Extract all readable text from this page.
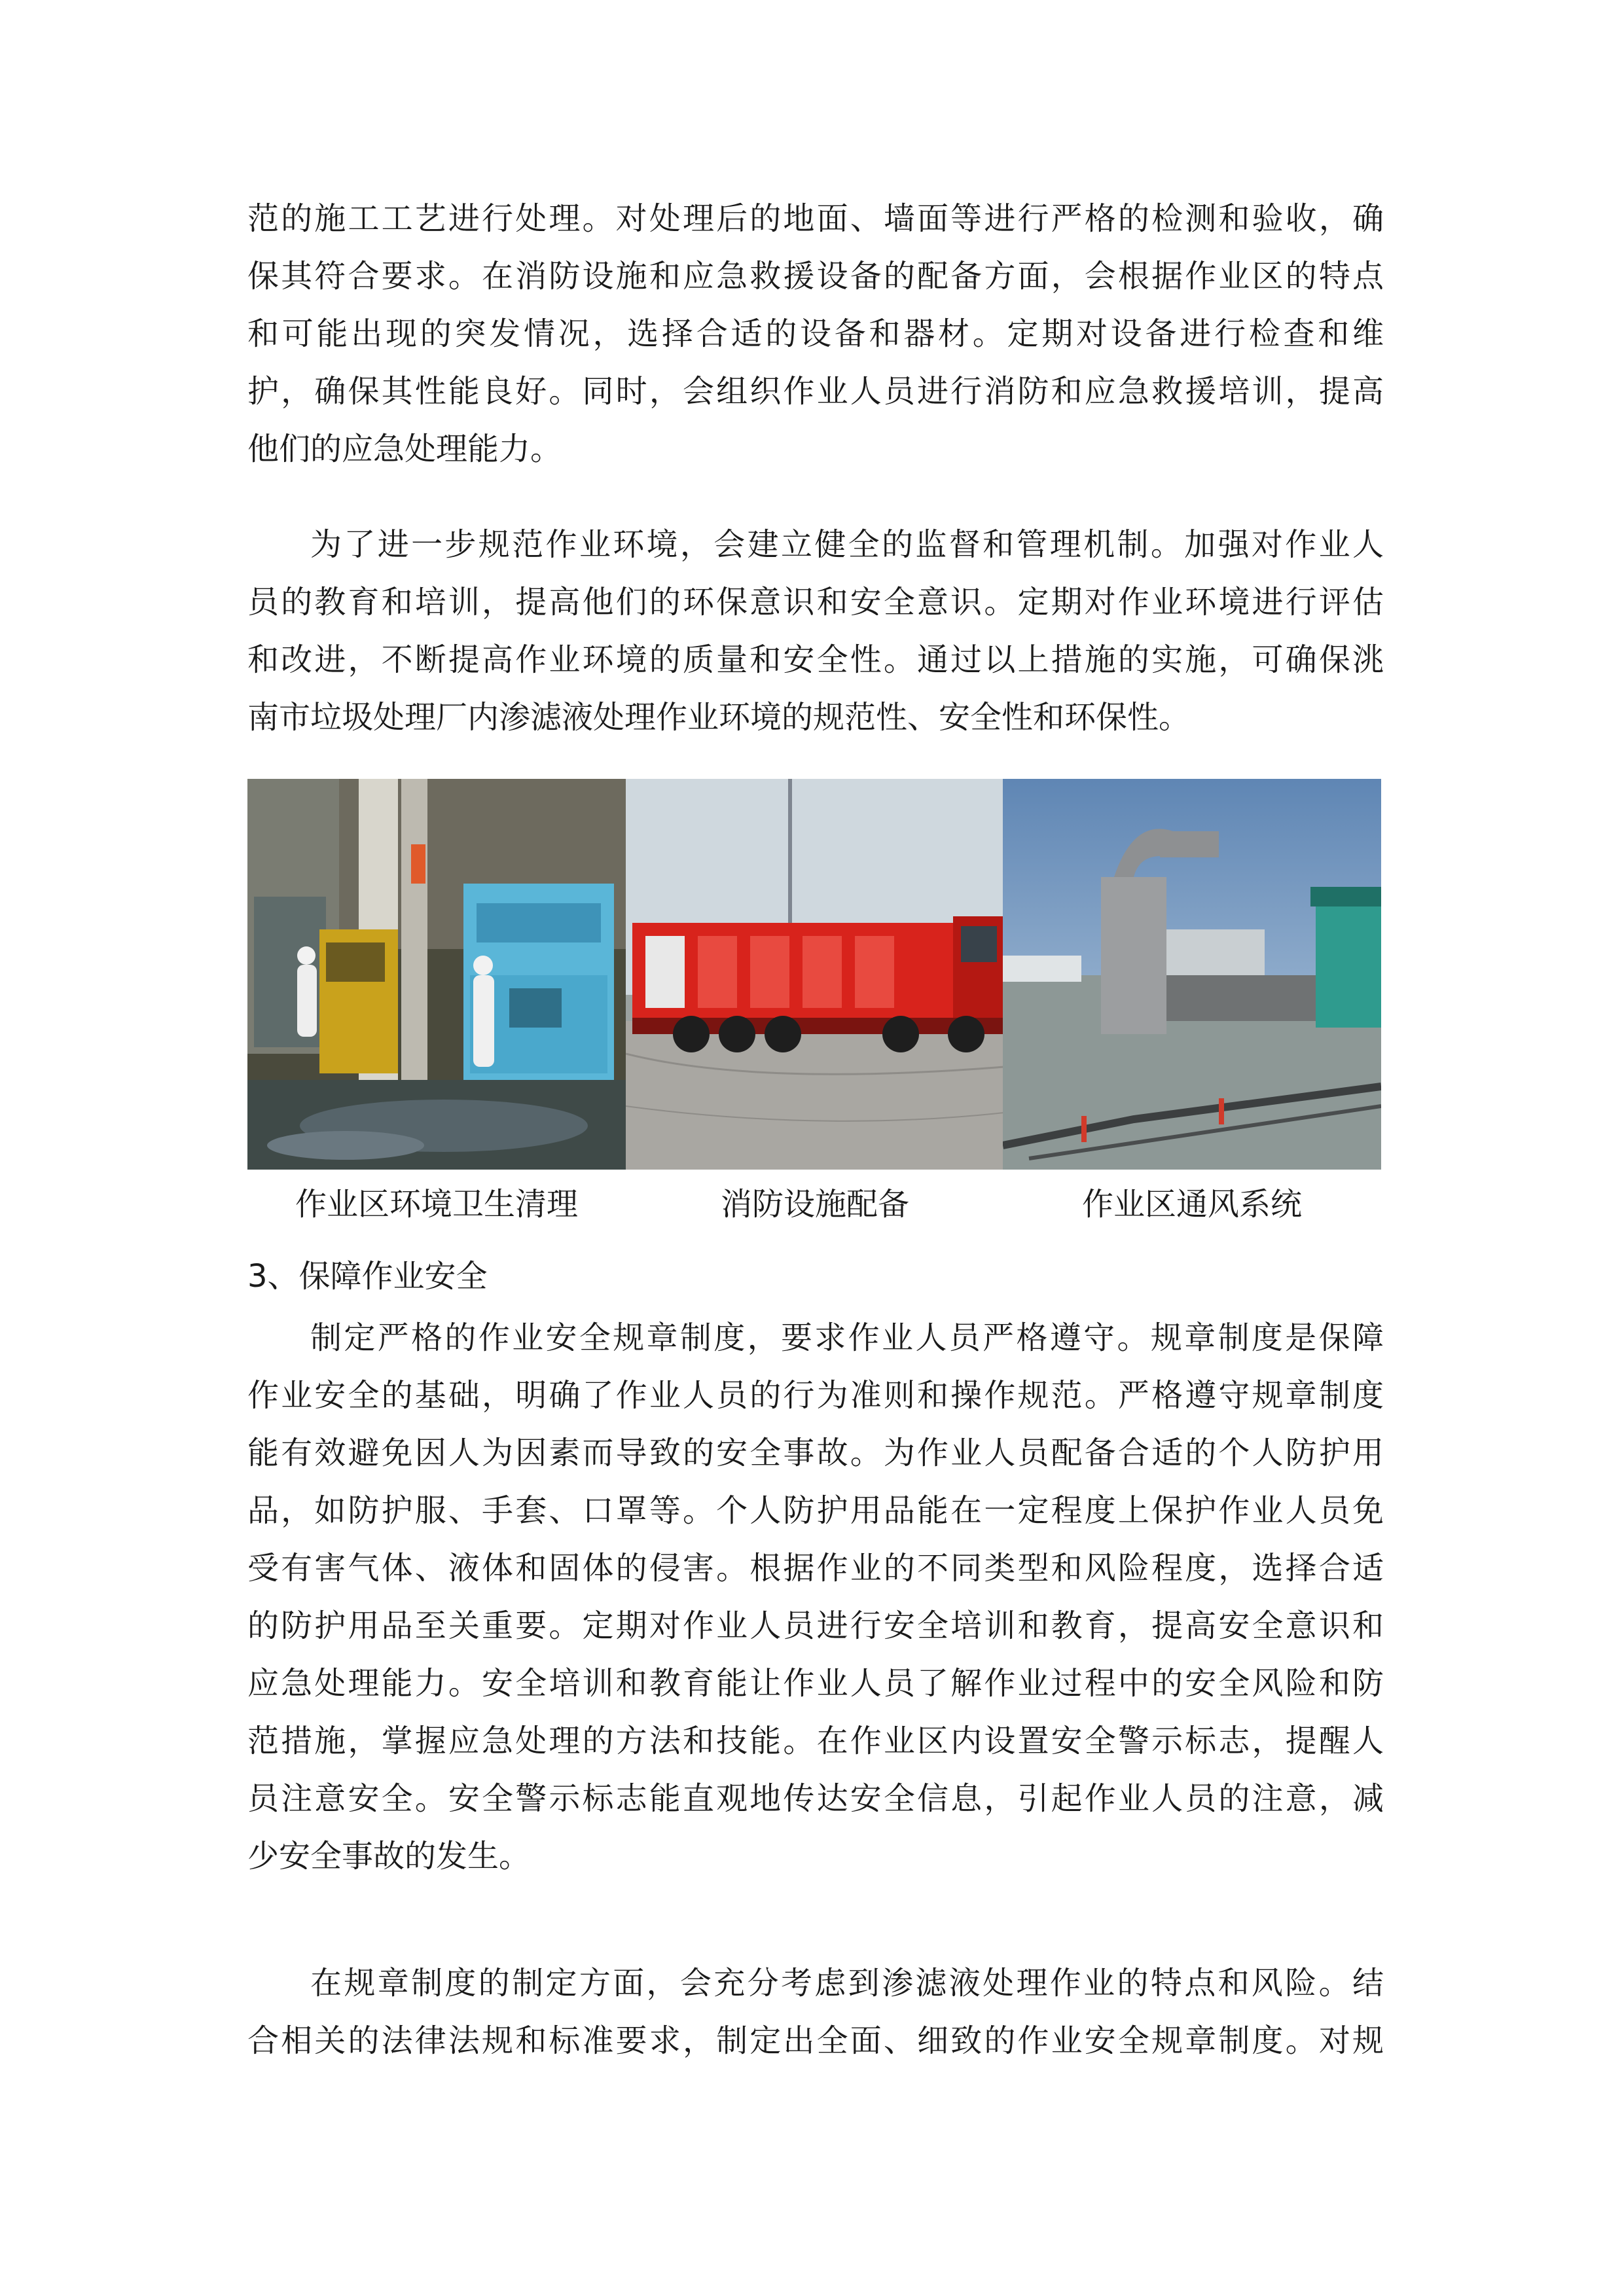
范的施工工艺进行处理。对处理后的地面、墙面等进行严格的检测和验收，确
保其符合要求。在消防设施和应急救援设备的配备方面，会根据作业区的特点
和可能出现的突发情况，选择合适的设备和器材。定期对设备进行检查和维
护，确保其性能良好。同时，会组织作业人员进行消防和应急救援培训，提高
他们的应急处理能力。
为了进一步规范作业环境，会建立健全的监督和管理机制。加强对作业人
员的教育和培训，提高他们的环保意识和安全意识。定期对作业环境进行评估
和改进，不断提高作业环境的质量和安全性。通过以上措施的实施，可确保洮
南市垃圾处理厂内渗滤液处理作业环境的规范性、安全性和环保性。
作业区环境卫生清理	消防设施配备	作业区通风系统
3、保障作业安全
制定严格的作业安全规章制度，要求作业人员严格遵守。规章制度是保障
作业安全的基础，明确了作业人员的行为准则和操作规范。严格遵守规章制度
能有效避免因人为因素而导致的安全事故。为作业人员配备合适的个人防护用
品，如防护服、手套、口罩等。个人防护用品能在一定程度上保护作业人员免
受有害气体、液体和固体的侵害。根据作业的不同类型和风险程度，选择合适
的防护用品至关重要。定期对作业人员进行安全培训和教育，提高安全意识和
应急处理能力。安全培训和教育能让作业人员了解作业过程中的安全风险和防
范措施，掌握应急处理的方法和技能。在作业区内设置安全警示标志，提醒人
员注意安全。安全警示标志能直观地传达安全信息，引起作业人员的注意，减
少安全事故的发生。
在规章制度的制定方面，会充分考虑到渗滤液处理作业的特点和风险。结
合相关的法律法规和标准要求，制定出全面、细致的作业安全规章制度。对规
